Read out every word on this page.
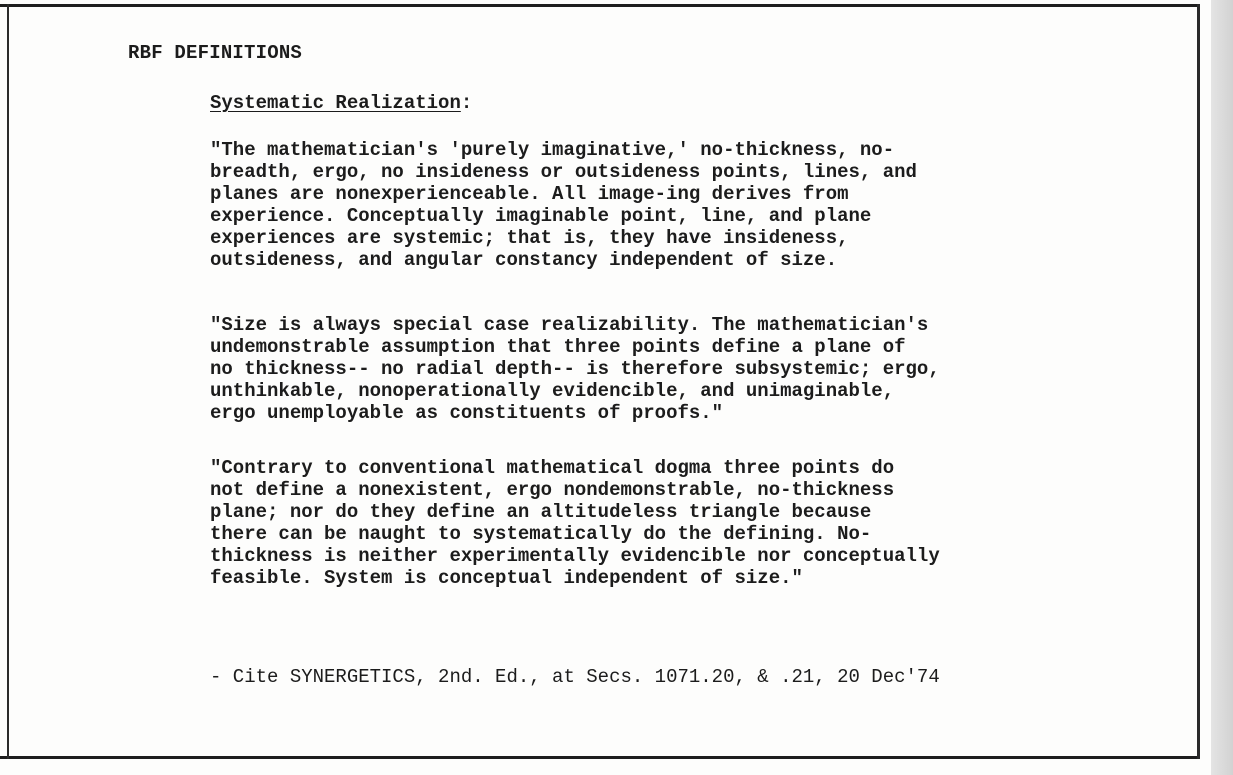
RBF DEFINITIONS

Systematic Realization:

"The mathematician's 'purely imaginative,' no-thickness, no-
breadth, ergo, no insideness or outsideness points, lines, and
planes are nonexperienceable. All image-ing derives from
experience. Conceptually imaginable point, line, and plane
experiences are systemic; that is, they have insideness,
outsideness, and angular constancy independent of size.

"Size is always special case realizability. The mathematician's
undemonstrable assumption that three points define a plane of
no thickness-- no radial depth-- is therefore subsystemic; ergo,
unthinkable, nonoperationally evidencible, and unimaginable,
ergo unemployable as constituents of proofs."

"Contrary to conventional mathematical dogma three points do
not define a nonexistent, ergo nondemonstrable, no-thickness
plane; nor do they define an altitudeless triangle because
there can be naught to systematically do the defining. No-
thickness is neither experimentally evidencible nor conceptually
feasible. System is conceptual independent of size."

- Cite SYNERGETICS, 2nd. Ed., at Secs. 1071.20, & .21, 20 Dec'74
